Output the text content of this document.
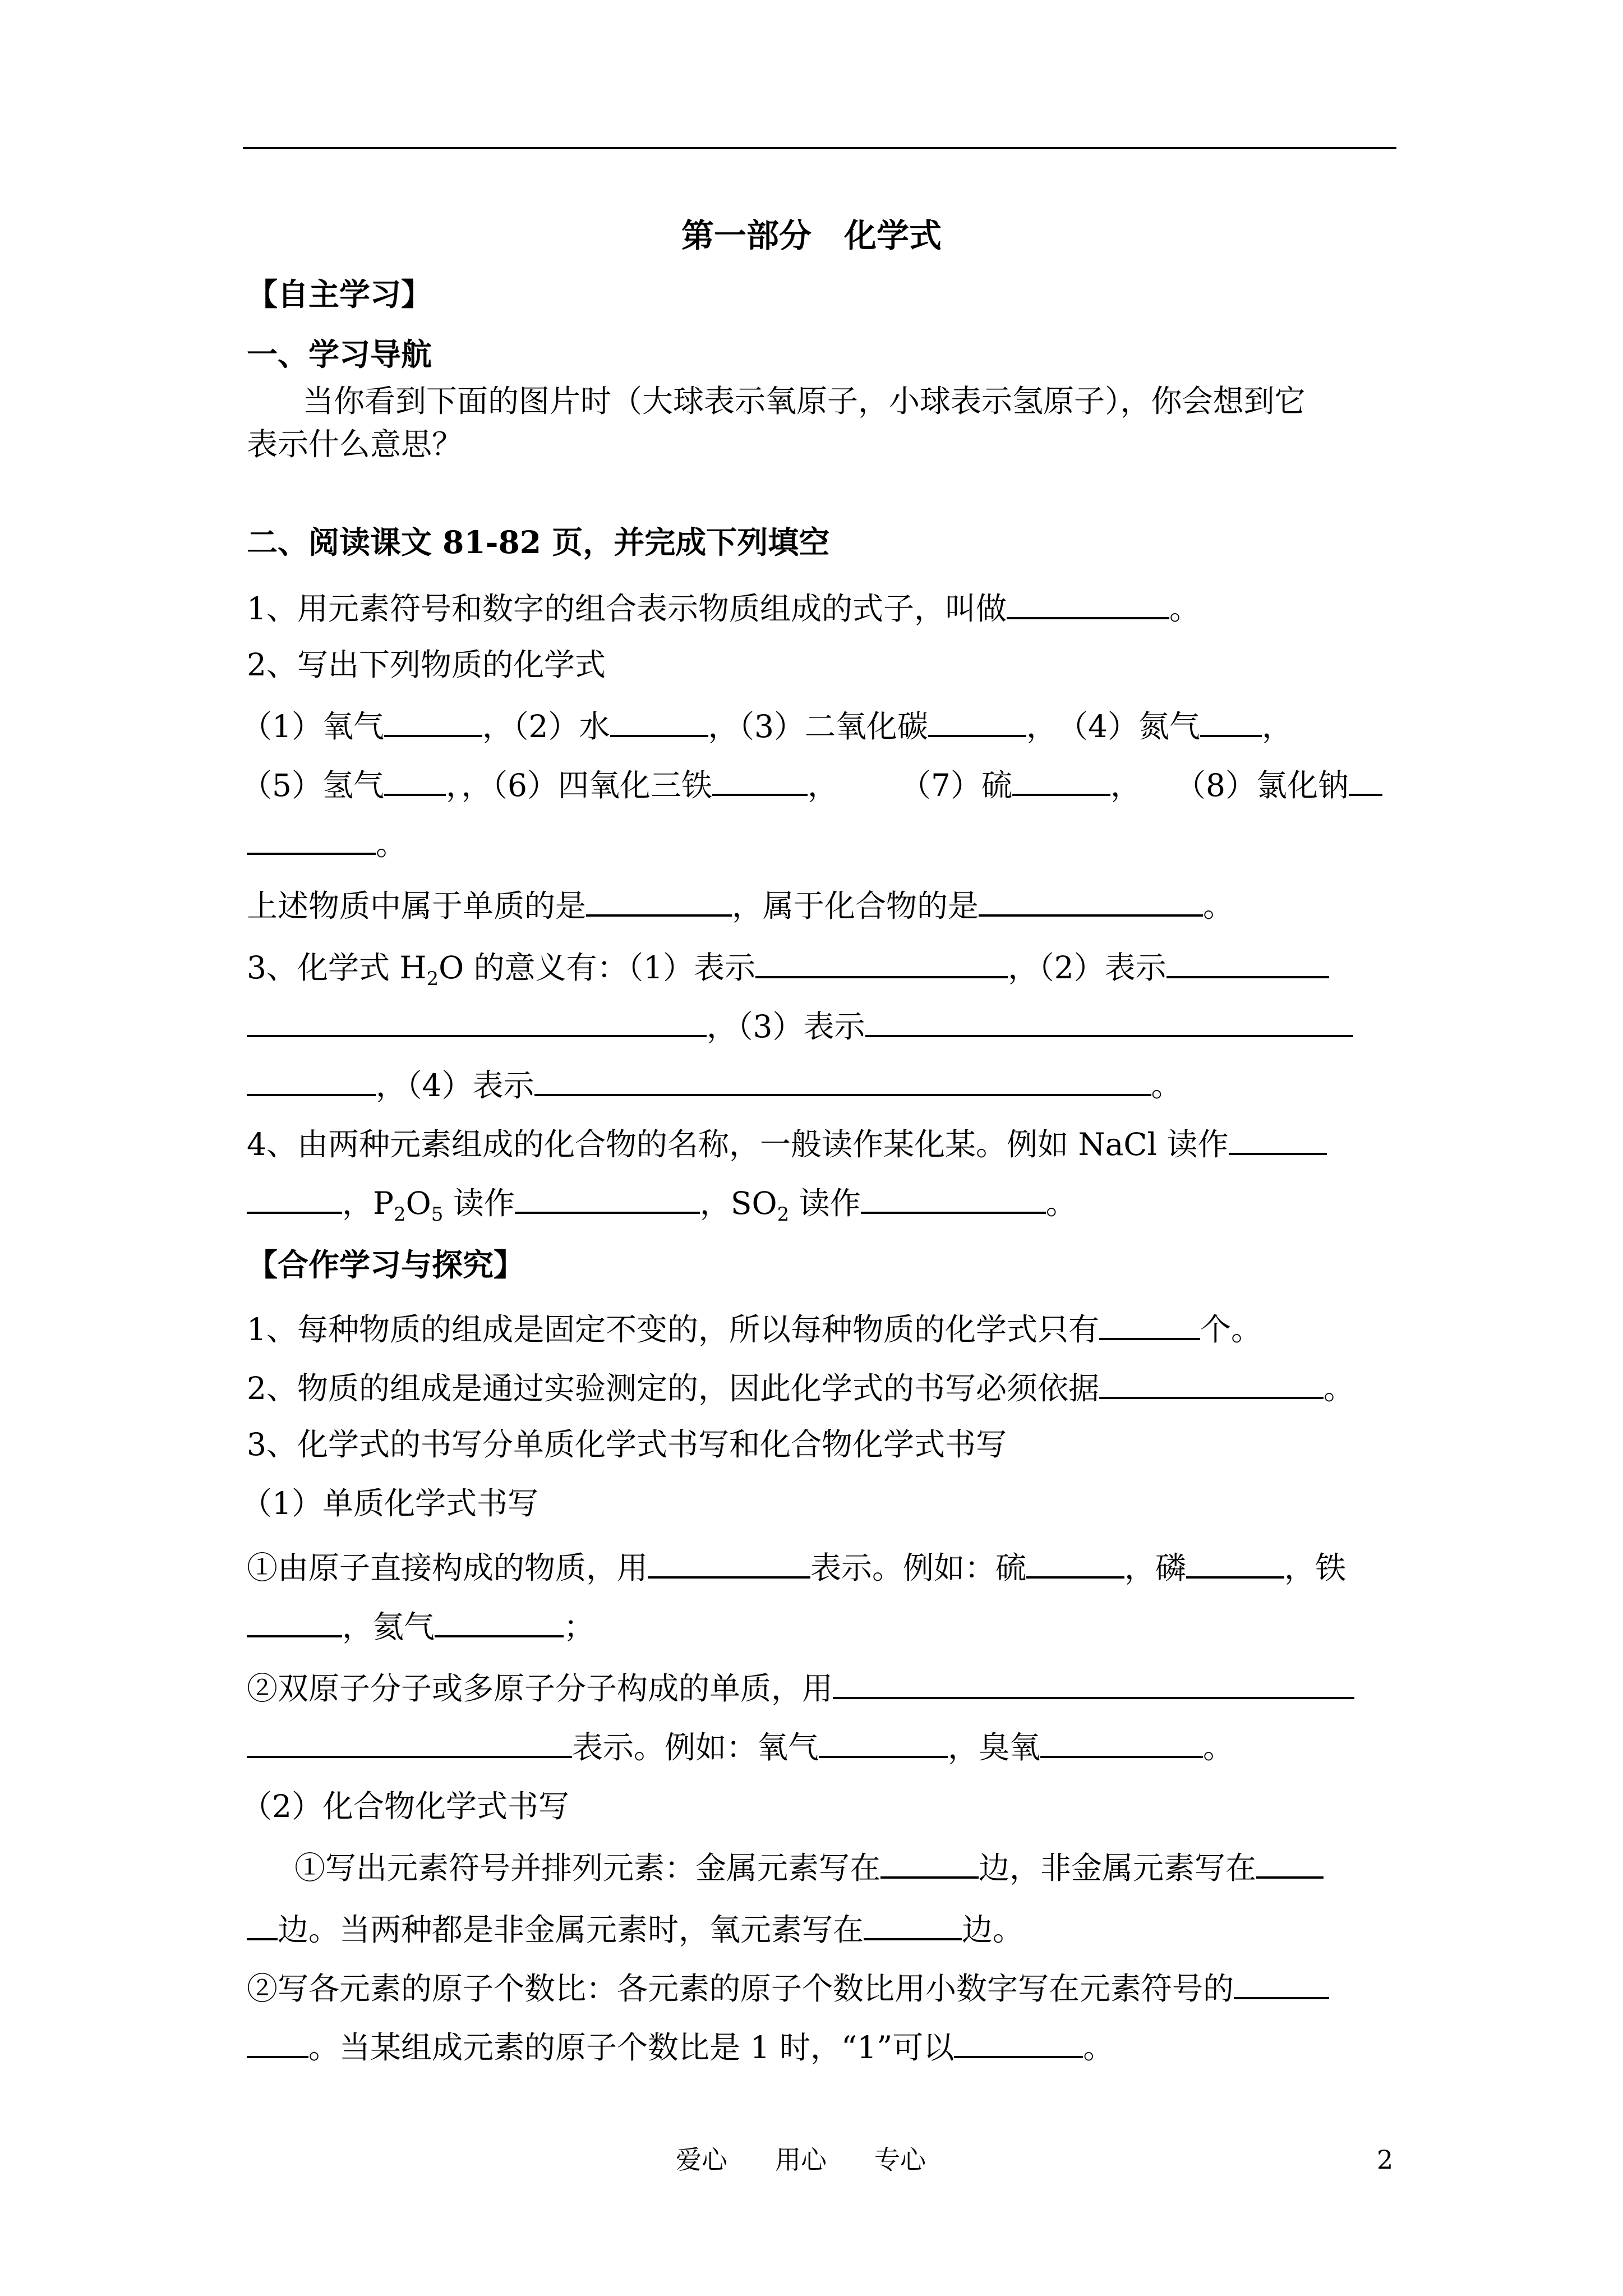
第一部分　化学式
【自主学习】
一、学习导航
当你看到下面的图片时（大球表示氧原子，小球表示氢原子），你会想到它
表示什么意思？
二、阅读课文 81-82 页，并完成下列填空
1、用元素符号和数字的组合表示物质组成的式子，叫做	。
2、写出下列物质的化学式
（1）氧气	，（2）水	，（3）二氧化碳	，　（4）氮气 ，
（5）氢气 ，，（6）四氧化三铁	， （7）硫	， （8）氯化钠
。
上述物质中属于单质的是	，属于化合物的是	。
3、化学式 $H_2O$ 的意义有：（1）表示	，（2）表示
，（3）表示
，（4）表示	。
4、由两种元素组成的化合物的名称，一般读作某化某。例如 NaCl 读作
，$P_2O_5$ 读作	，$SO_2$ 读作	。
【合作学习与探究】
1、每种物质的组成是固定不变的，所以每种物质的化学式只有	个。
2、物质的组成是通过实验测定的，因此化学式的书写必须依据	。
3、化学式的书写分单质化学式书写和化合物化学式书写
（1）单质化学式书写
①由原子直接构成的物质，用	表示。例如：硫	，磷	，铁
，氦气	；
②双原子分子或多原子分子构成的单质，用
表示。例如：氧气	，臭氧	。
（2）化合物化学式书写
①写出元素符号并排列元素：金属元素写在	边，非金属元素写在
边。当两种都是非金属元素时，氧元素写在	边。
②写各元素的原子个数比：各元素的原子个数比用小数字写在元素符号的
。当某组成元素的原子个数比是 1 时，“1”可以	。
爱心 用心 专心	2
